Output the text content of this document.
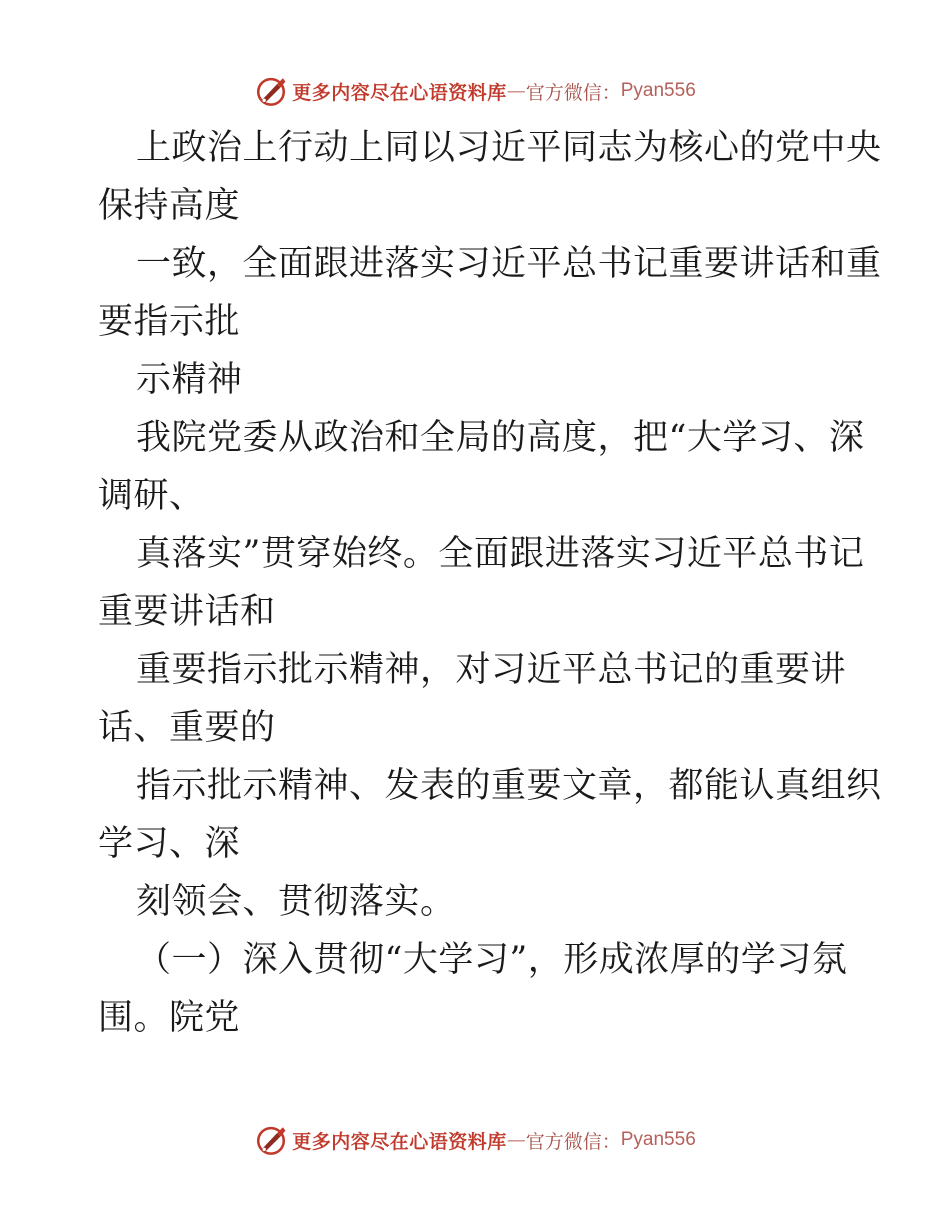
更多内容尽在心语资料库 — 官方微信： Pyan556
上政治上行动上同以习近平同志为核心的党中央
保持高度
一致，全面跟进落实习近平总书记重要讲话和重
要指示批
示精神
我院党委从政治和全局的高度，把“大学习、深
调研、
真落实”贯穿始终。全面跟进落实习近平总书记
重要讲话和
重要指示批示精神，对习近平总书记的重要讲
话、重要的
指示批示精神、发表的重要文章，都能认真组织
学习、深
刻领会、贯彻落实。
（一）深入贯彻“大学习”，形成浓厚的学习氛
围。院党
更多内容尽在心语资料库 — 官方微信： Pyan556
